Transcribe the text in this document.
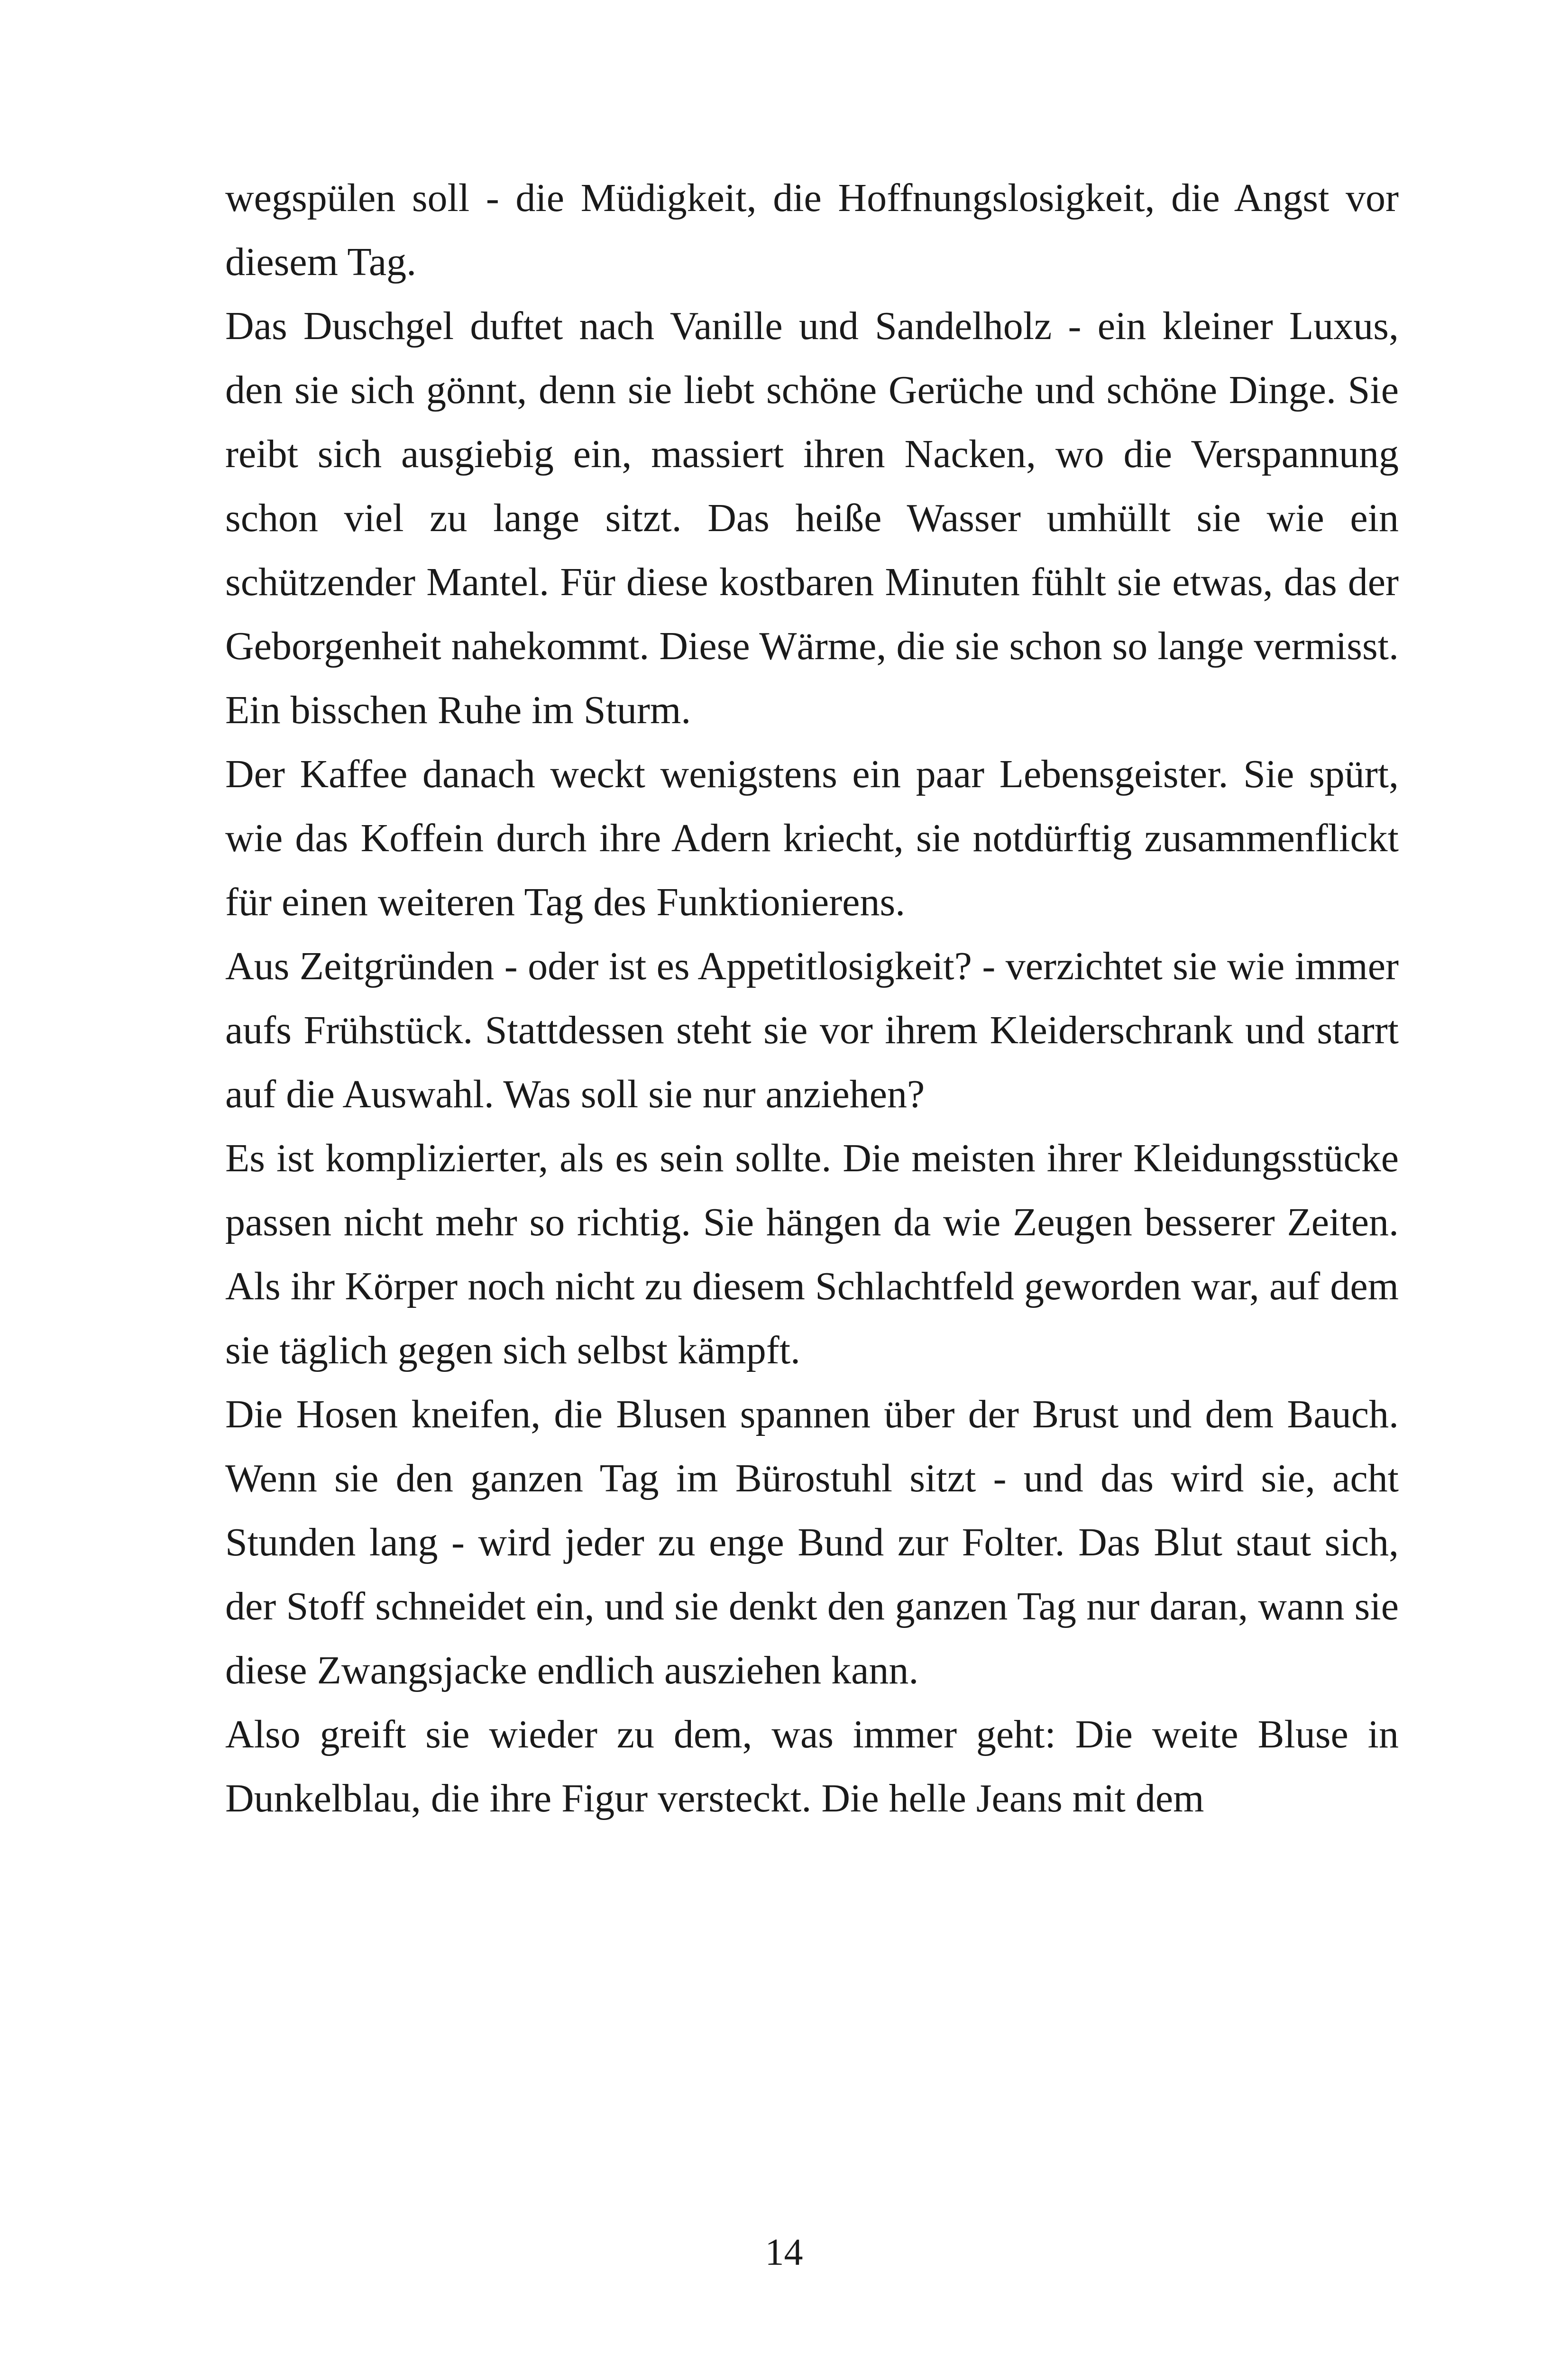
wegspülen soll - die Müdigkeit, die Hoffnungslosigkeit, die Angst vor diesem Tag.

Das Duschgel duftet nach Vanille und Sandelholz - ein kleiner Luxus, den sie sich gönnt, denn sie liebt schöne Gerüche und schöne Dinge. Sie reibt sich ausgiebig ein, massiert ihren Nacken, wo die Verspannung schon viel zu lange sitzt. Das heiße Wasser umhüllt sie wie ein schützender Mantel. Für diese kostbaren Minuten fühlt sie etwas, das der Geborgenheit nahekommt. Diese Wärme, die sie schon so lange vermisst. Ein bisschen Ruhe im Sturm.

Der Kaffee danach weckt wenigstens ein paar Lebensgeister. Sie spürt, wie das Koffein durch ihre Adern kriecht, sie notdürftig zusammenflickt für einen weiteren Tag des Funktionierens.

Aus Zeitgründen - oder ist es Appetitlosigkeit? - verzichtet sie wie immer aufs Frühstück. Stattdessen steht sie vor ihrem Kleiderschrank und starrt auf die Auswahl. Was soll sie nur anziehen?

Es ist komplizierter, als es sein sollte. Die meisten ihrer Kleidungsstücke passen nicht mehr so richtig. Sie hängen da wie Zeugen besserer Zeiten. Als ihr Körper noch nicht zu diesem Schlachtfeld geworden war, auf dem sie täglich gegen sich selbst kämpft.

Die Hosen kneifen, die Blusen spannen über der Brust und dem Bauch. Wenn sie den ganzen Tag im Bürostuhl sitzt - und das wird sie, acht Stunden lang - wird jeder zu enge Bund zur Folter. Das Blut staut sich, der Stoff schneidet ein, und sie denkt den ganzen Tag nur daran, wann sie diese Zwangsjacke endlich ausziehen kann.

Also greift sie wieder zu dem, was immer geht: Die weite Bluse in Dunkelblau, die ihre Figur versteckt. Die helle Jeans mit dem

14
